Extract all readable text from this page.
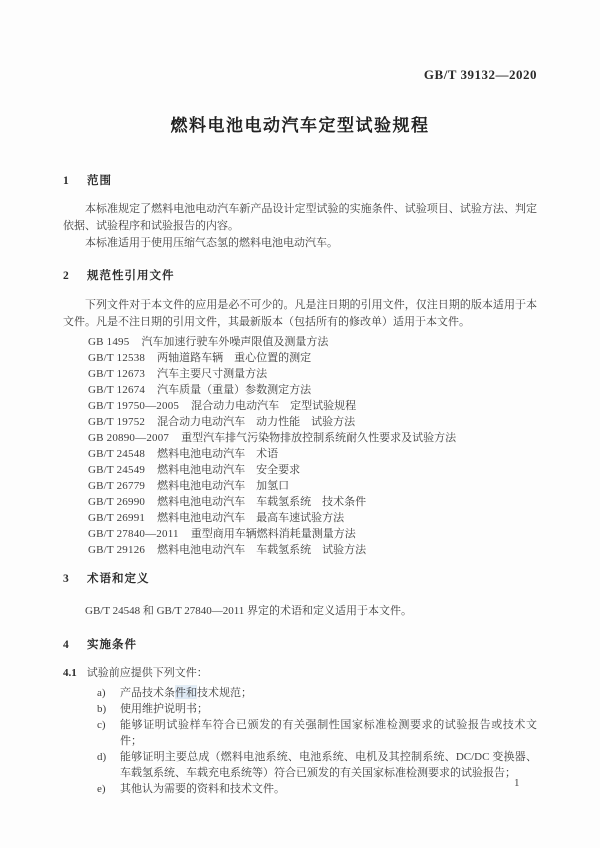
GB/T 39132—2020
燃料电池电动汽车定型试验规程
1 范围

本标准规定了燃料电池电动汽车新产品设计定型试验的实施条件、试验项目、试验方法、判定依据、试验程序和试验报告的内容。

本标准适用于使用压缩气态氢的燃料电池电动汽车。

2 规范性引用文件

下列文件对于本文件的应用是必不可少的。凡是注日期的引用文件，仅注日期的版本适用于本文件。凡是不注日期的引用文件，其最新版本（包括所有的修改单）适用于本文件。

GB 1495 汽车加速行驶车外噪声限值及测量方法
GB/T 12538 两轴道路车辆　重心位置的测定
GB/T 12673 汽车主要尺寸测量方法
GB/T 12674 汽车质量（重量）参数测定方法
GB/T 19750—2005 混合动力电动汽车　定型试验规程
GB/T 19752 混合动力电动汽车　动力性能　试验方法
GB 20890—2007 重型汽车排气污染物排放控制系统耐久性要求及试验方法
GB/T 24548 燃料电池电动汽车　术语
GB/T 24549 燃料电池电动汽车　安全要求
GB/T 26779 燃料电池电动汽车　加氢口
GB/T 26990 燃料电池电动汽车　车载氢系统　技术条件
GB/T 26991 燃料电池电动汽车　最高车速试验方法
GB/T 27840—2011 重型商用车辆燃料消耗量测量方法
GB/T 29126 燃料电池电动汽车　车载氢系统　试验方法
3 术语和定义

GB/T 24548 和 GB/T 27840—2011 界定的术语和定义适用于本文件。

4 实施条件
4.1 试验前应提供下列文件：
a) 产品技术条件和技术规范；
b) 使用维护说明书；
c) 能够证明试验样车符合已颁发的有关强制性国家标准检测要求的试验报告或技术文件；
d) 能够证明主要总成（燃料电池系统、电池系统、电机及其控制系统、DC/DC 变换器、车载氢系统、车载充电系统等）符合已颁发的有关国家标准检测要求的试验报告；
e) 其他认为需要的资料和技术文件。	1
